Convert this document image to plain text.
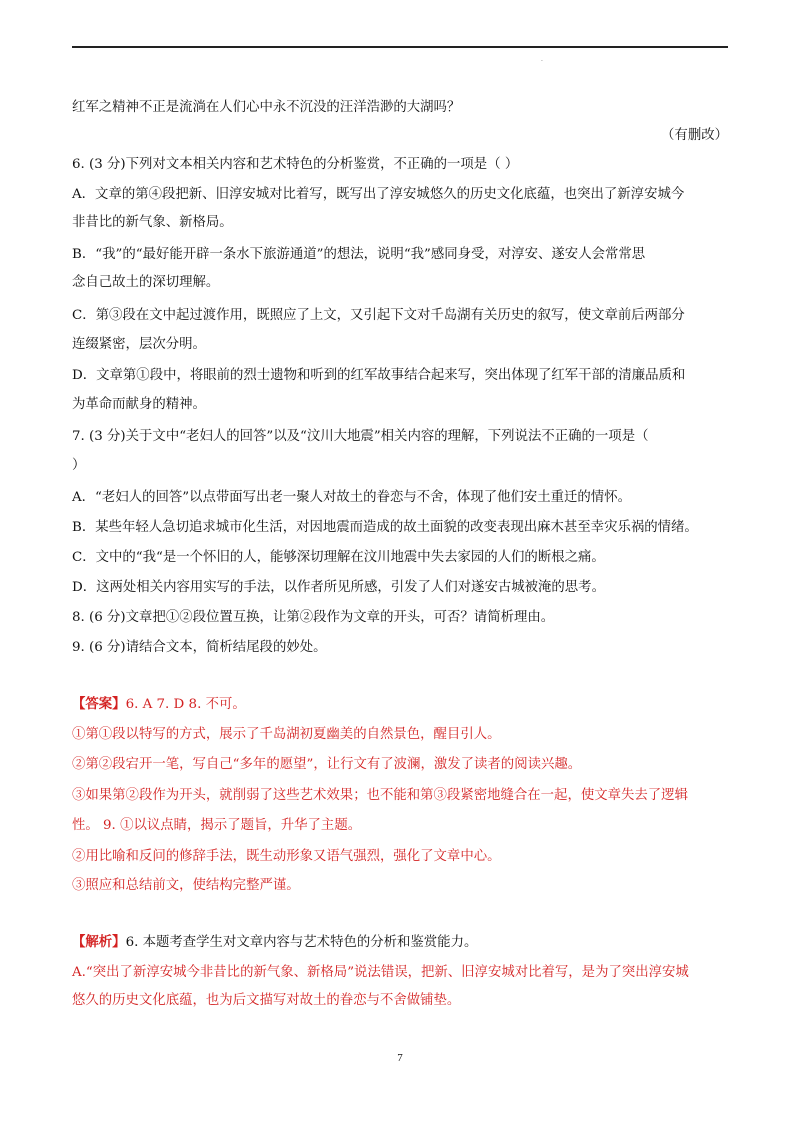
.
红军之精神不正是流淌在人们心中永不沉没的汪洋浩渺的大湖吗？
（有删改）
6. (3 分)下列对文本相关内容和艺术特色的分析鉴赏，不正确的一项是（ ）
A．文章的第④段把新、旧淳安城对比着写，既写出了淳安城悠久的历史文化底蕴，也突出了新淳安城今
非昔比的新气象、新格局。
B．“我”的“最好能开辟一条水下旅游通道”的想法，说明“我”感同身受，对淳安、遂安人会常常思
念自己故土的深切理解。
C．第③段在文中起过渡作用，既照应了上文，又引起下文对千岛湖有关历史的叙写，使文章前后两部分
连缀紧密，层次分明。
D．文章第①段中，将眼前的烈士遗物和听到的红军故事结合起来写，突出体现了红军干部的清廉品质和
为革命而献身的精神。
7. (3 分)关于文中“老妇人的回答”以及“汶川大地震”相关内容的理解，下列说法不正确的一项是（
）
A．“老妇人的回答”以点带面写出老一聚人对故土的眷恋与不舍，体现了他们安土重迁的情怀。
B．某些年轻人急切追求城市化生活，对因地震而造成的故土面貌的改变表现出麻木甚至幸灾乐祸的情绪。
C．文中的“我“是一个怀旧的人，能够深切理解在汶川地震中失去家园的人们的断根之痛。
D．这两处相关内容用实写的手法，以作者所见所感，引发了人们对遂安古城被淹的思考。
8. (6 分)文章把①②段位置互换，让第②段作为文章的开头，可否？请简析理由。
9. (6 分)请结合文本，简析结尾段的妙处。
【答案】6. A 7. D 8. 不可。
①第①段以特写的方式，展示了千岛湖初夏幽美的自然景色，醒目引人。
②第②段宕开一笔，写自己“多年的愿望”，让行文有了波澜，激发了读者的阅读兴趣。
③如果第②段作为开头，就削弱了这些艺术效果；也不能和第③段紧密地缝合在一起，使文章失去了逻辑
性。 9. ①以议点睛，揭示了题旨，升华了主题。
②用比喻和反问的修辞手法，既生动形象又语气强烈，强化了文章中心。
③照应和总结前文，使结构完整严谨。
【解析】6. 本题考查学生对文章内容与艺术特色的分析和鉴赏能力。
A.“突出了新淳安城今非昔比的新气象、新格局”说法错误，把新、旧淳安城对比着写，是为了突出淳安城
悠久的历史文化底蕴，也为后文描写对故土的眷恋与不舍做铺垫。
7
